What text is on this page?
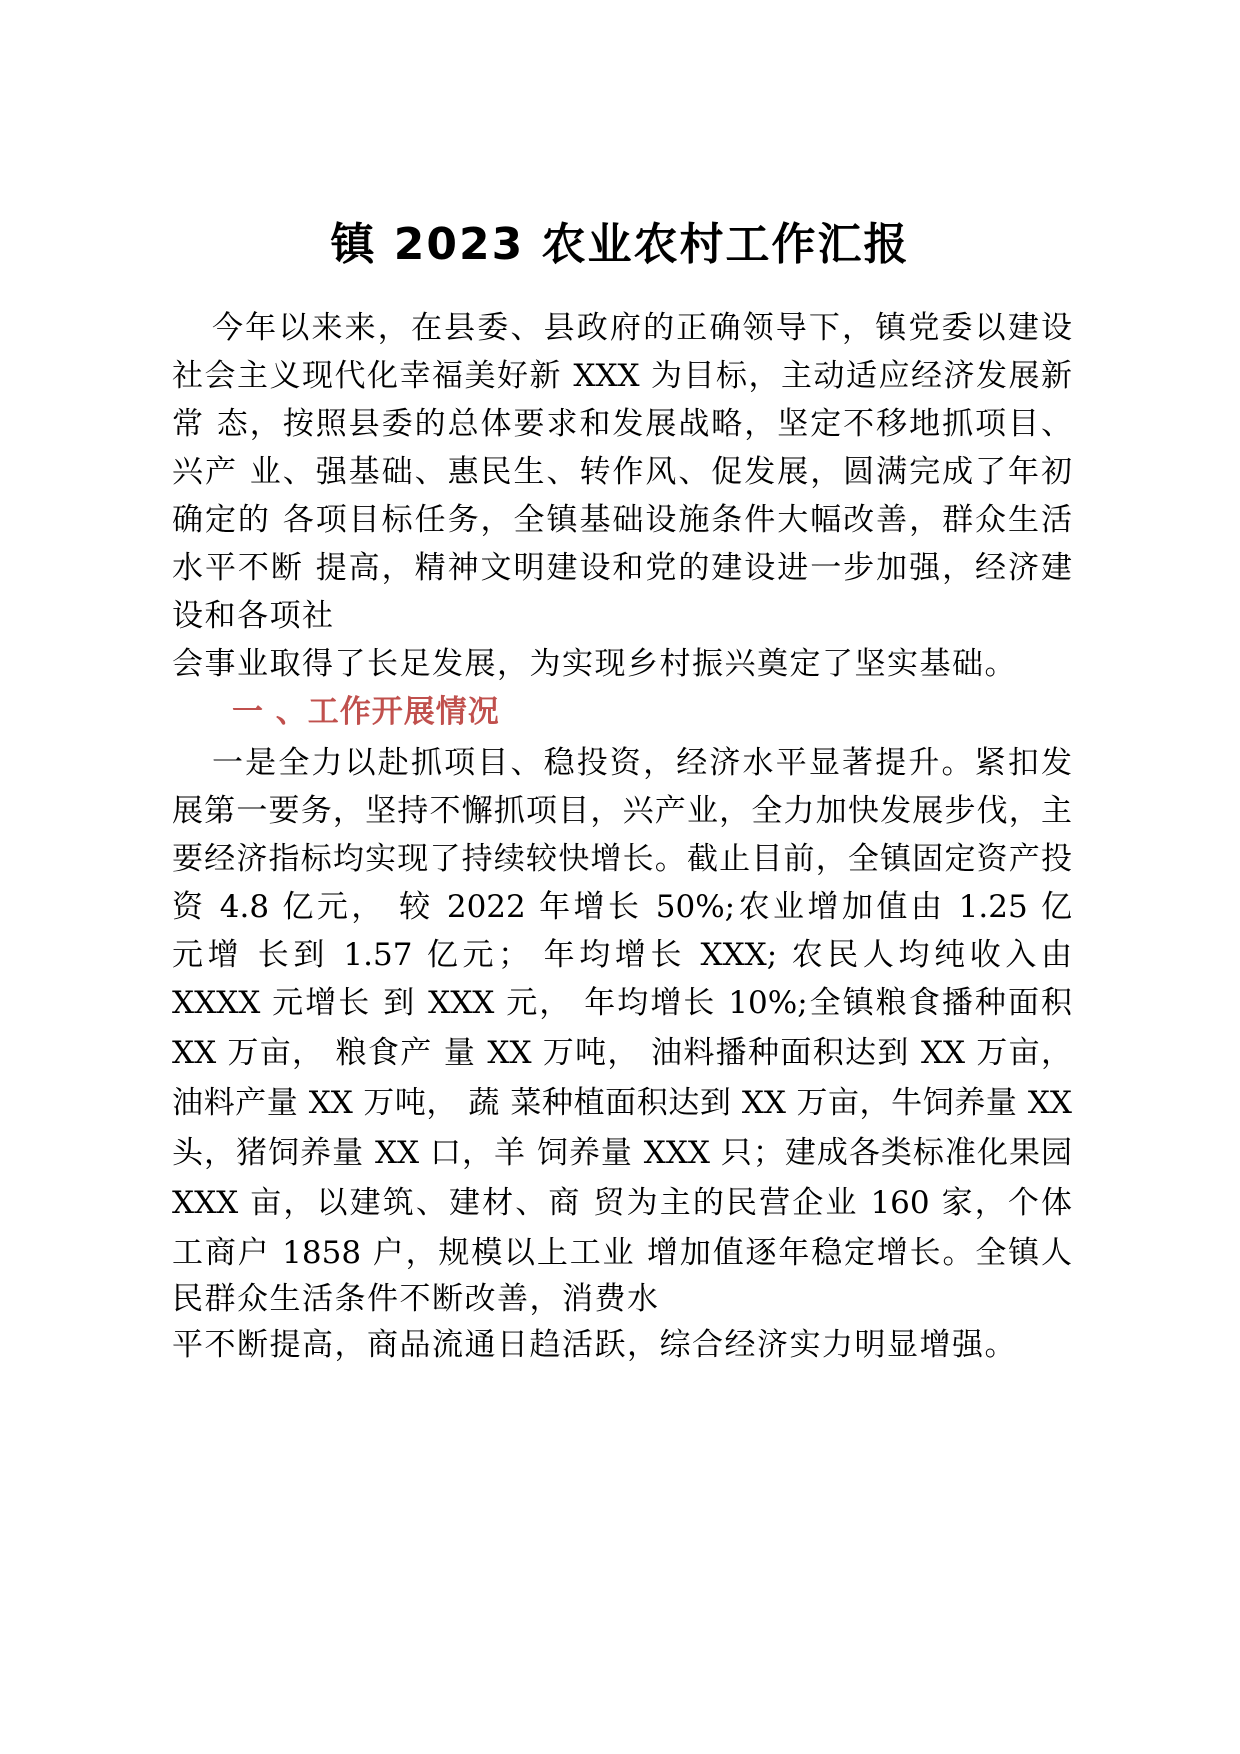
镇 2023 农业农村工作汇报
今年以来来，在县委、县政府的正确领导下，镇党委以建设
社会主义现代化幸福美好新 XXX 为目标，主动适应经济发展新
常 态，按照县委的总体要求和发展战略，坚定不移地抓项目、
兴产 业、强基础、惠民生、转作风、促发展，圆满完成了年初
确定的 各项目标任务，全镇基础设施条件大幅改善，群众生活
水平不断 提高，精神文明建设和党的建设进一步加强，经济建
设和各项社
会事业取得了长足发展，为实现乡村振兴奠定了坚实基础。
一 、工作开展情况
一是全力以赴抓项目、稳投资，经济水平显著提升。紧扣发
展第一要务，坚持不懈抓项目，兴产业，全力加快发展步伐，主
要经济指标均实现了持续较快增长。截止目前，全镇固定资产投
资 4.8 亿元， 较 2022 年增长 50%;农业增加值由 1.25 亿
元增 长到 1.57 亿元； 年均增长 XXX; 农民人均纯收入由
XXXX 元增长 到 XXX 元， 年均增长 10%;全镇粮食播种面积
XX 万亩， 粮食产 量 XX 万吨， 油料播种面积达到 XX 万亩，
油料产量 XX 万吨， 蔬 菜种植面积达到 XX 万亩，牛饲养量 XX
头，猪饲养量 XX 口，羊 饲养量 XXX 只；建成各类标准化果园
XXX 亩，以建筑、建材、商 贸为主的民营企业 160 家，个体
工商户 1858 户，规模以上工业 增加值逐年稳定增长。全镇人
民群众生活条件不断改善，消费水
平不断提高，商品流通日趋活跃，综合经济实力明显增强。
